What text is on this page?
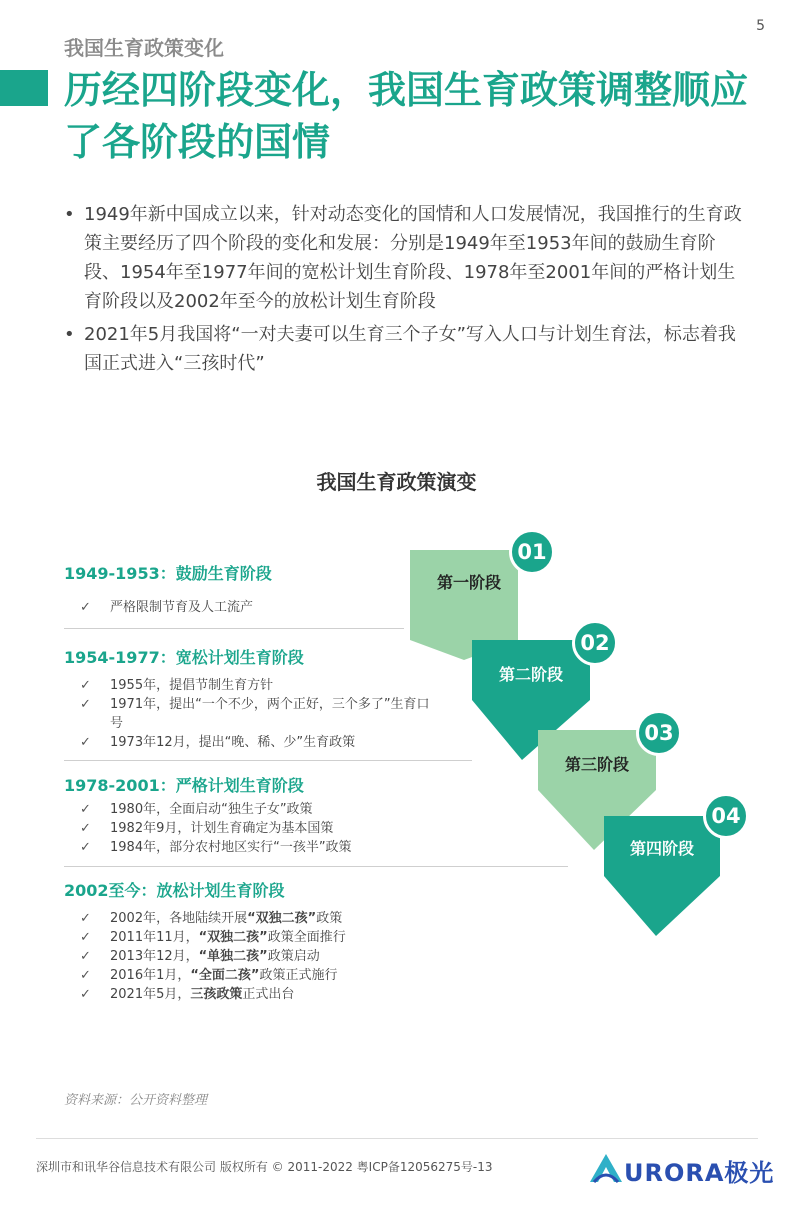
5
我国生育政策变化
历经四阶段变化，我国生育政策调整顺应了各阶段的国情
• 1949年新中国成立以来，针对动态变化的国情和人口发展情况，我国推行的生育政策主要经历了四个阶段的变化和发展：分别是1949年至1953年间的鼓励生育阶段、1954年至1977年间的宽松计划生育阶段、1978年至2001年间的严格计划生育阶段以及2002年至今的放松计划生育阶段
• 2021年5月我国将“一对夫妻可以生育三个子女”写入人口与计划生育法，标志着我国正式进入“三孩时代”
我国生育政策演变
1949-1953：鼓励生育阶段
✓ 严格限制节育及人工流产
1954-1977：宽松计划生育阶段
✓ 1955年，提倡节制生育方针
✓ 1971年，提出“一个不少，两个正好，三个多了”生育口号
✓ 1973年12月，提出“晚、稀、少”生育政策
1978-2001：严格计划生育阶段
✓ 1980年，全面启动“独生子女”政策
✓ 1982年9月，计划生育确定为基本国策
✓ 1984年，部分农村地区实行“一孩半”政策
2002至今：放松计划生育阶段
✓ 2002年，各地陆续开展“双独二孩”政策
✓ 2011年11月，“双独二孩”政策全面推行
✓ 2013年12月，“单独二孩”政策启动
✓ 2016年1月，“全面二孩”政策正式施行
✓ 2021年5月，三孩政策正式出台
第一阶段
第二阶段
第三阶段
第四阶段
01
02
03
04
资料来源：公开资料整理
深圳市和讯华谷信息技术有限公司 版权所有 © 2011-2022 粤ICP备12056275号-13	URORA极光
